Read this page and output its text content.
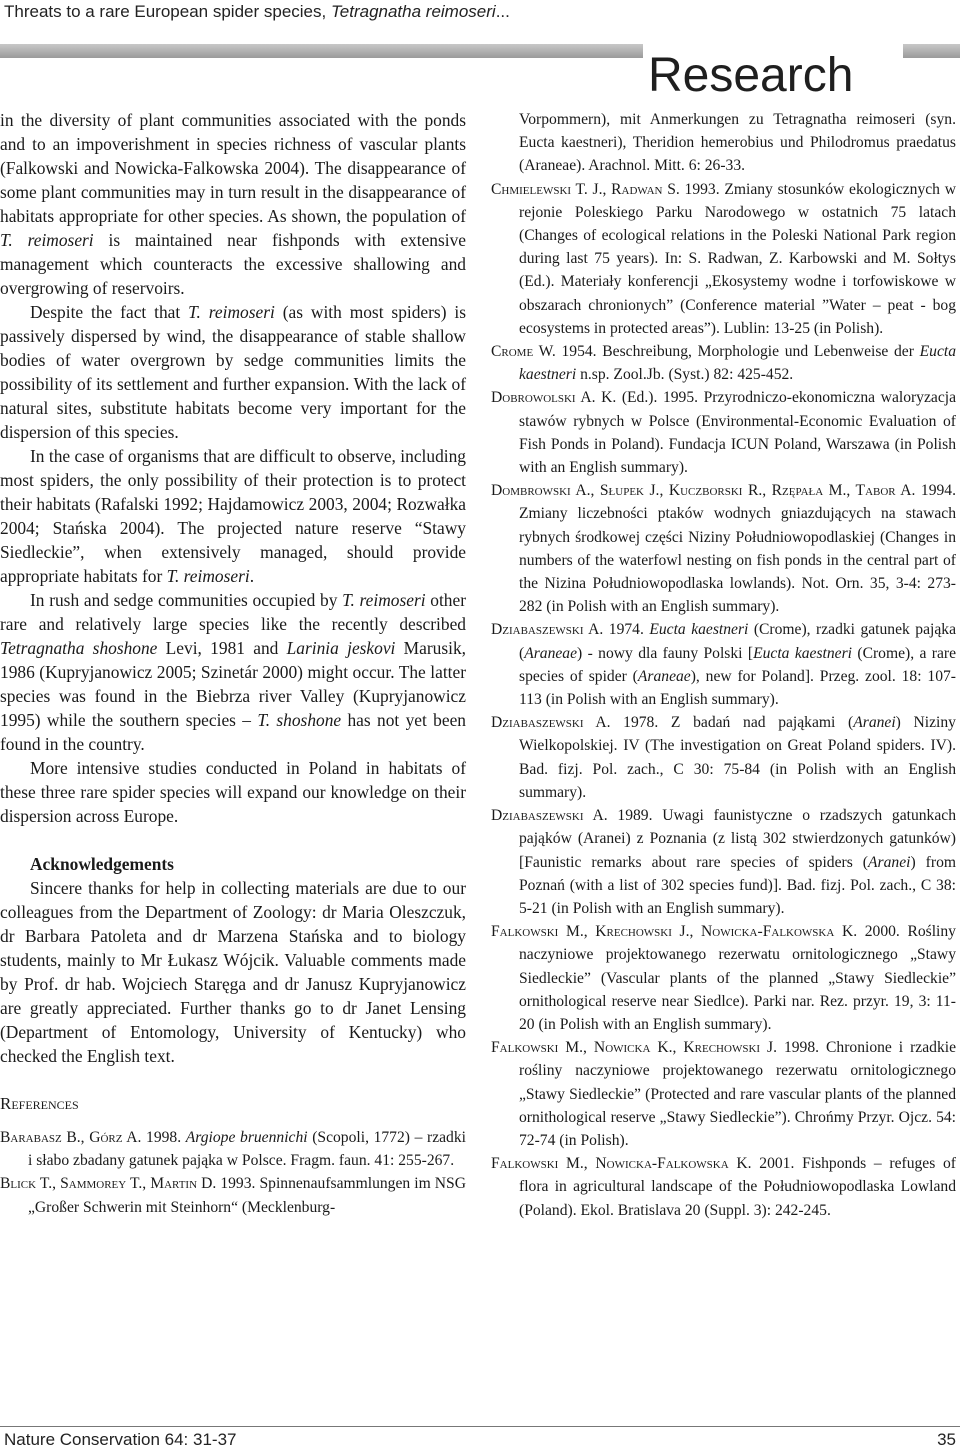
Threats to a rare European spider species, Tetragnatha reimoseri...
Research

in the diversity of plant communities associated with the ponds and to an impoverishment in species richness of vascular plants (Falkowski and Nowicka-Falkowska 2004). The disappearance of some plant communities may in turn result in the disappearance of habitats appropriate for other species. As shown, the population of T. reimoseri is maintained near fishponds with extensive management which counteracts the excessive shallowing and overgrowing of reservoirs.

Despite the fact that T. reimoseri (as with most spiders) is passively dispersed by wind, the disappearance of stable shallow bodies of water overgrown by sedge communities limits the possibility of its settlement and further expansion. With the lack of natural sites, substitute habitats become very important for the dispersion of this species.

In the case of organisms that are difficult to observe, including most spiders, the only possibility of their protection is to protect their habitats (Rafalski 1992; Hajdamowicz 2003, 2004; Rozwałka 2004; Stańska 2004). The projected nature reserve “Stawy Siedleckie”, when extensively managed, should provide appropriate habitats for T. reimoseri.

In rush and sedge communities occupied by T. reimoseri other rare and relatively large species like the recently described Tetragnatha shoshone Levi, 1981 and Larinia jeskovi Marusik, 1986 (Kupryjanowicz 2005; Szinetár 2000) might occur. The latter species was found in the Biebrza river Valley (Kupryjanowicz 1995) while the southern species – T. shoshone has not yet been found in the country.

More intensive studies conducted in Poland in habitats of these three rare spider species will expand our knowledge on their dispersion across Europe.

Acknowledgements

Sincere thanks for help in collecting materials are due to our colleagues from the Department of Zoology: dr Maria Oleszczuk, dr Barbara Patoleta and dr Marzena Stańska and to biology students, mainly to Mr Łukasz Wójcik. Valuable comments made by Prof. dr hab. Wojciech Staręga and dr Janusz Kupryjanowicz are greatly appreciated. Further thanks go to dr Janet Lensing (Department of Entomology, University of Kentucky) who checked the English text.

References

Barabasz B., Górz A. 1998. Argiope bruennichi (Scopoli, 1772) – rzadki i słabo zbadany gatunek pająka w Polsce. Fragm. faun. 41: 255-267.

Blick T., Sammorey T., Martin D. 1993. Spinnenaufsammlungen im NSG „Großer Schwerin mit Steinhorn“ (Mecklenburg-

Vorpommern), mit Anmerkungen zu Tetragnatha reimoseri (syn. Eucta kaestneri), Theridion hemerobius und Philodromus praedatus (Araneae). Arachnol. Mitt. 6: 26-33.

Chmielewski T. J., Radwan S. 1993. Zmiany stosunków ekologicznych w rejonie Poleskiego Parku Narodowego w ostatnich 75 latach (Changes of ecological relations in the Poleski National Park region during last 75 years). In: S. Radwan, Z. Karbowski and M. Sołtys (Ed.). Materiały konferencji „Ekosystemy wodne i torfowiskowe w obszarach chronionych” (Conference material ”Water – peat - bog ecosystems in protected areas”). Lublin: 13-25 (in Polish).

Crome W. 1954. Beschreibung, Morphologie und Lebenweise der Eucta kaestneri n.sp. Zool.Jb. (Syst.) 82: 425-452.

Dobrowolski A. K. (Ed.). 1995. Przyrodniczo-ekonomiczna waloryzacja stawów rybnych w Polsce (Environmental-Economic Evaluation of Fish Ponds in Poland). Fundacja ICUN Poland, Warszawa (in Polish with an English summary).

Dombrowski A., Słupek J., Kuczborski R., Rzępała M., Tabor A. 1994. Zmiany liczebności ptaków wodnych gniazdujących na stawach rybnych środkowej części Niziny Południowopodlaskiej (Changes in numbers of the waterfowl nesting on fish ponds in the central part of the Nizina Południowopodlaska lowlands). Not. Orn. 35, 3-4: 273-282 (in Polish with an English summary).

Dziabaszewski A. 1974. Eucta kaestneri (Crome), rzadki gatunek pająka (Araneae) - nowy dla fauny Polski [Eucta kaestneri (Crome), a rare species of spider (Araneae), new for Poland]. Przeg. zool. 18: 107-113 (in Polish with an English summary).

Dziabaszewski A. 1978. Z badań nad pająkami (Aranei) Niziny Wielkopolskiej. IV (The investigation on Great Poland spiders. IV). Bad. fizj. Pol. zach., C 30: 75-84 (in Polish with an English summary).

Dziabaszewski A. 1989. Uwagi faunistyczne o rzadszych gatunkach pająków (Aranei) z Poznania (z listą 302 stwierdzonych gatunków) [Faunistic remarks about rare species of spiders (Aranei) from Poznań (with a list of 302 species fund)]. Bad. fizj. Pol. zach., C 38: 5-21 (in Polish with an English summary).

Falkowski M., Krechowski J., Nowicka-Falkowska K. 2000. Rośliny naczyniowe projektowanego rezerwatu ornitologicznego „Stawy Siedleckie” (Vascular plants of the planned „Stawy Siedleckie” ornithological reserve near Siedlce). Parki nar. Rez. przyr. 19, 3: 11-20 (in Polish with an English summary).

Falkowski M., Nowicka K., Krechowski J. 1998. Chronione i rzadkie rośliny naczyniowe projektowanego rezerwatu ornitologicznego „Stawy Siedleckie” (Protected and rare vascular plants of the planned ornithological reserve „Stawy Siedleckie”). Chrońmy Przyr. Ojcz. 54: 72-74 (in Polish).

Falkowski M., Nowicka-Falkowska K. 2001. Fishponds – refuges of flora in agricultural landscape of the Południowopodlaska Lowland (Poland). Ekol. Bratislava 20 (Suppl. 3): 242-245.

Nature Conservation 64: 31-37	35
